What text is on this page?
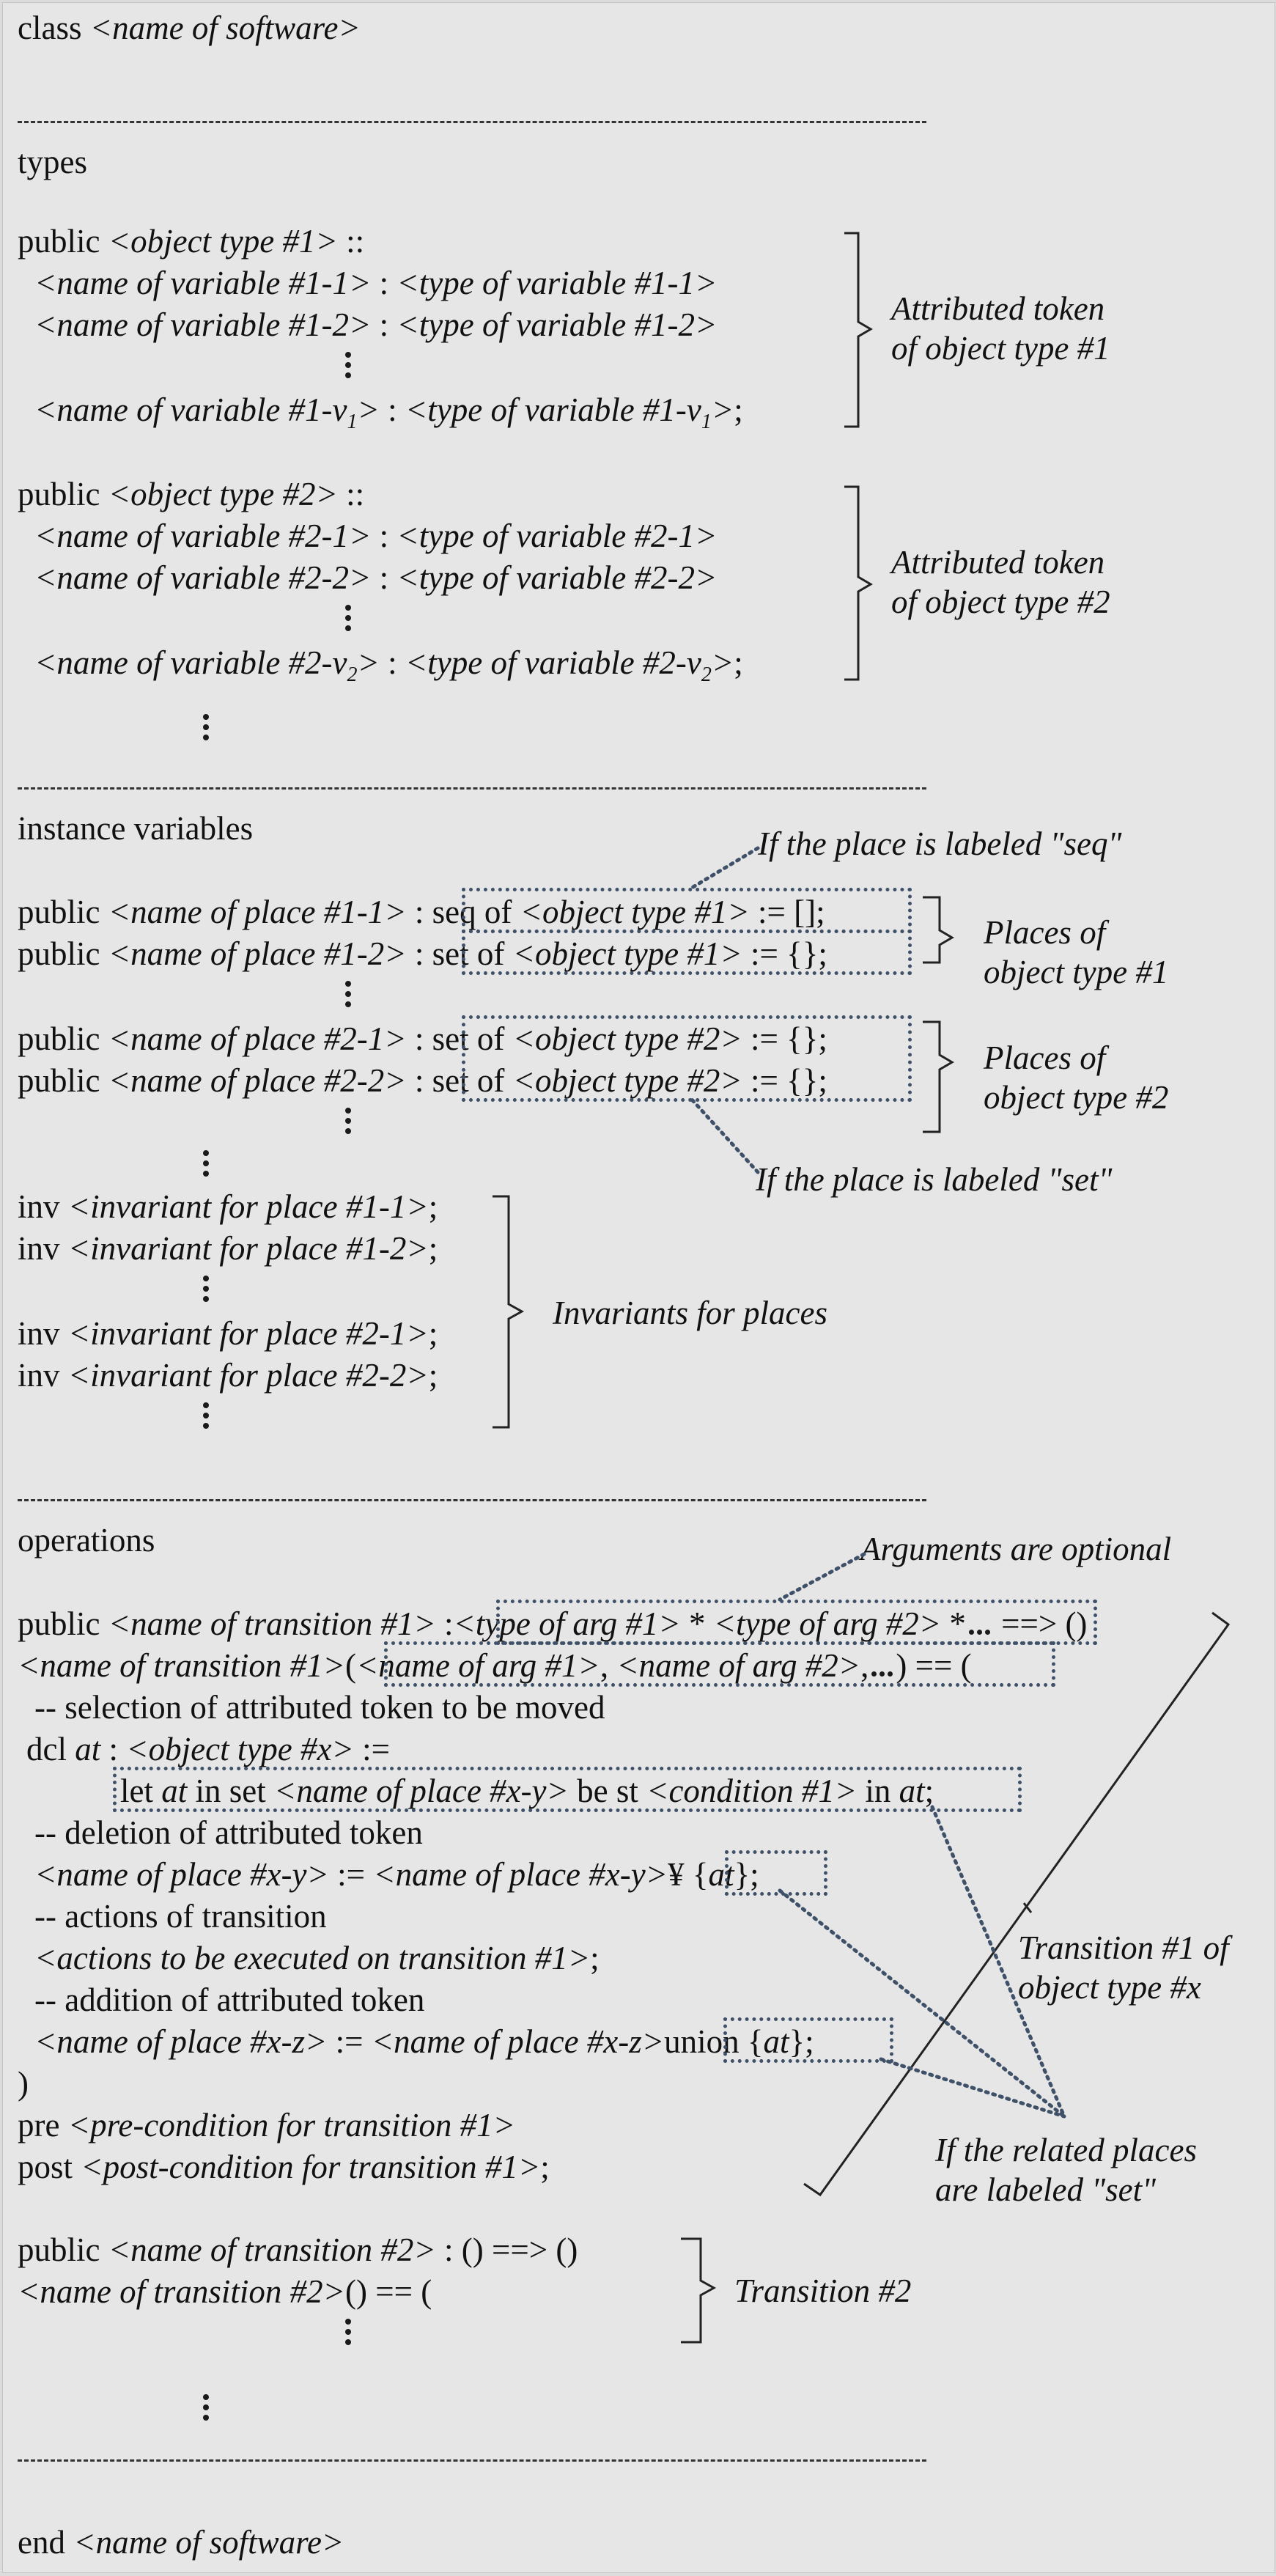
class <name of software>
types
public <object type #1> ::
<name of variable #1-1> : <type of variable #1-1>
<name of variable #1-2> : <type of variable #1-2>
<name of variable $\#1-v_1>$ : <type of variable $\#1-v_1>$;
Attributed token
of object type #1
public <object type #2> ::
<name of variable #2-1> : <type of variable #2-1>
<name of variable #2-2> : <type of variable #2-2>
<name of variable $\#2-v_2>$ : <type of variable $\#2-v_2>$;
Attributed token
of object type #2
instance variables	If the place is labeled "seq"
public <name of place #1-1> : seq of <object type #1> := [];
public <name of place #1-2> : set of <object type #1> := {};
public <name of place #2-1> : set of <object type #2> := {};
public <name of place #2-2> : set of <object type #2> := {};
Places of
object type #1
Places of
object type #2
If the place is labeled "set"
inv <invariant for place #1-1>;
inv <invariant for place #1-2>;
inv <invariant for place #2-1>;
inv <invariant for place #2-2>;
Invariants for places
operations	Arguments are optional
public <name of transition #1> :<type of arg #1> * <type of arg #2> * ==> ()
<name of transition #1>(<name of arg #1>, <name of arg #2>, ) == (
-- selection of attributed token to be moved
dcl at : <object type #x> :=
let at in set <name of place #x-y> be st <condition #1> in at;
-- deletion of attributed token
<name of place #x-y> := <name of place #x-y>¥ {at};
-- actions of transition
<actions to be executed on transition #1>;
-- addition of attributed token
<name of place #x-z> := <name of place #x-z>union {at};
)
pre <pre-condition for transition #1>
post <post-condition for transition #1>;
Transition #1 of
object type #x
If the related places
are labeled "set"
public <name of transition #2> : () ==> ()
<name of transition #2>() == (	Transition #2
end <name of software>
